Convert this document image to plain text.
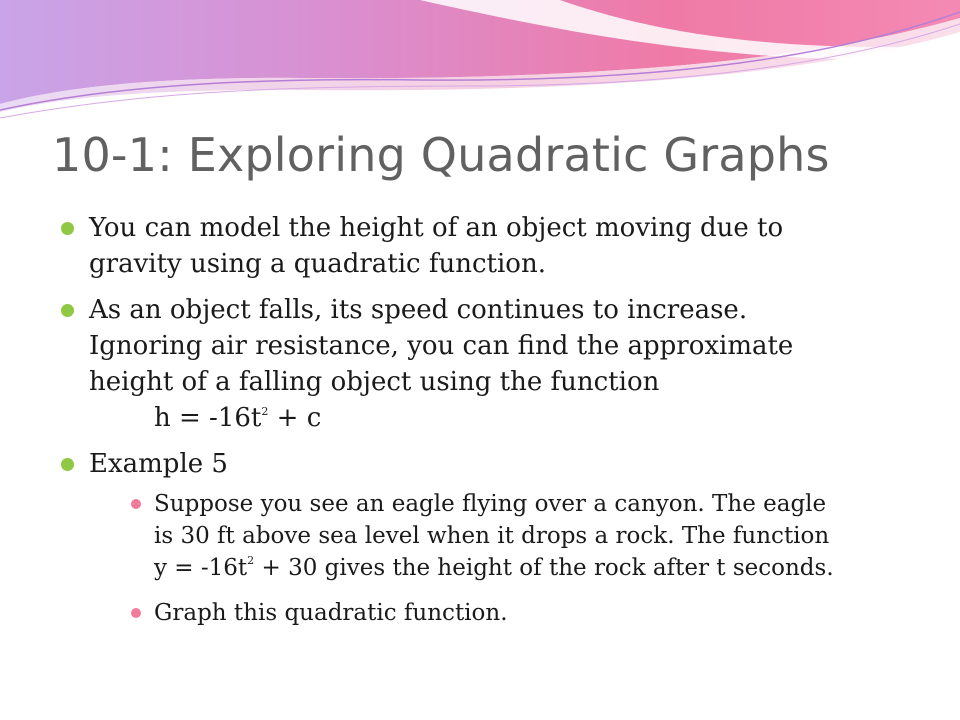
10-1: Exploring Quadratic Graphs
You can model the height of an object moving due to
gravity using a quadratic function.
As an object falls, its speed continues to increase.
Ignoring air resistance, you can find the approximate
height of a falling object using the function
$h = -16t^2 + c$
Example 5
Suppose you see an eagle flying over a canyon. The eagle
is 30 ft above sea level when it drops a rock. The function
$y = -16t^2 + 30$ gives the height of the rock after t seconds.
Graph this quadratic function.
